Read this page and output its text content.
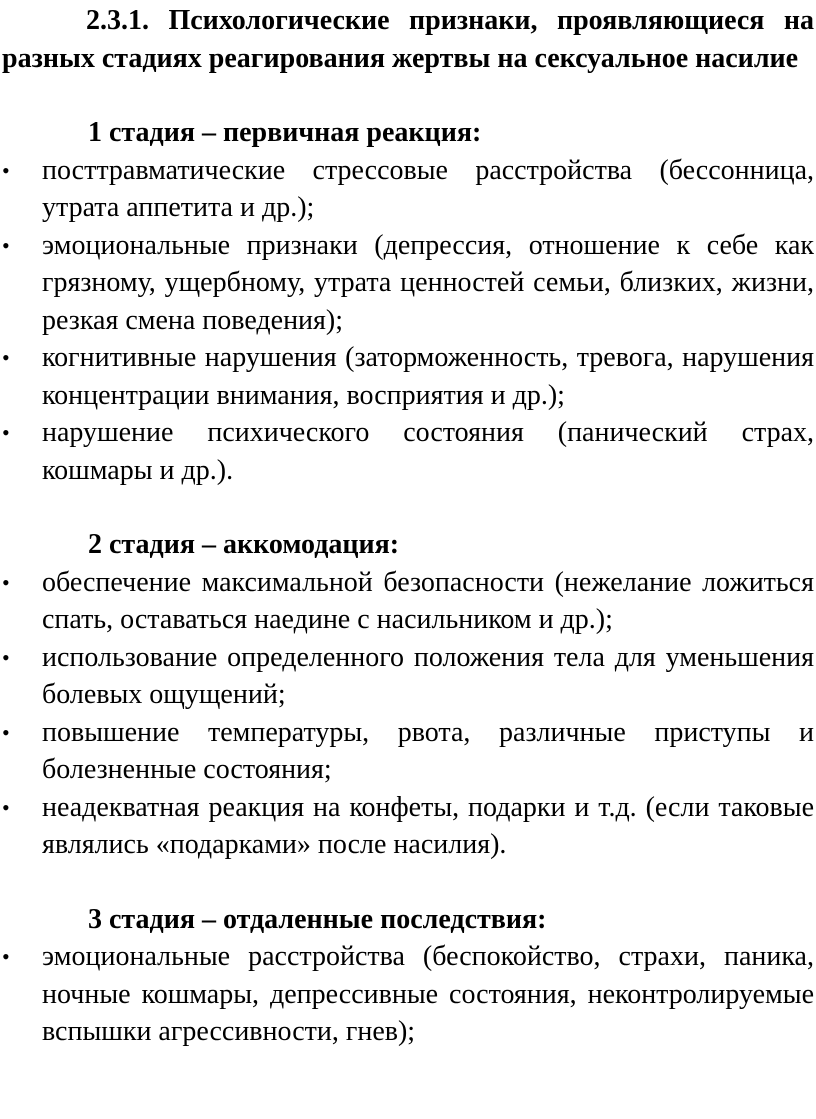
2.3.1. Психологические признаки, проявляющиеся на разных стадиях реагирования жертвы на сексуальное насилие

1 стадия – первичная реакция:

•	посттравматические стрессовые расстройства (бессонница, утрата аппетита и др.);
•	эмоциональные признаки (депрессия, отношение к себе как грязному, ущербному, утрата ценностей семьи, близких, жизни, резкая смена поведения);
•	когнитивные нарушения (заторможенность, тревога, нарушения концентрации внимания, восприятия и др.);
•	нарушение психического состояния (панический страх, кошмары и др.).

2 стадия – аккомодация:

•	обеспечение максимальной безопасности (нежелание ложиться спать, оставаться наедине с насильником и др.);
•	использование определенного положения тела для уменьшения болевых ощущений;
•	повышение температуры, рвота, различные приступы и болезненные состояния;
•	неадекватная реакция на конфеты, подарки и т.д. (если таковые являлись «подарками» после насилия).

3 стадия – отдаленные последствия:

•	эмоциональные расстройства (беспокойство, страхи, паника, ночные кошмары, депрессивные состояния, неконтролируемые вспышки агрессивности, гнев);
